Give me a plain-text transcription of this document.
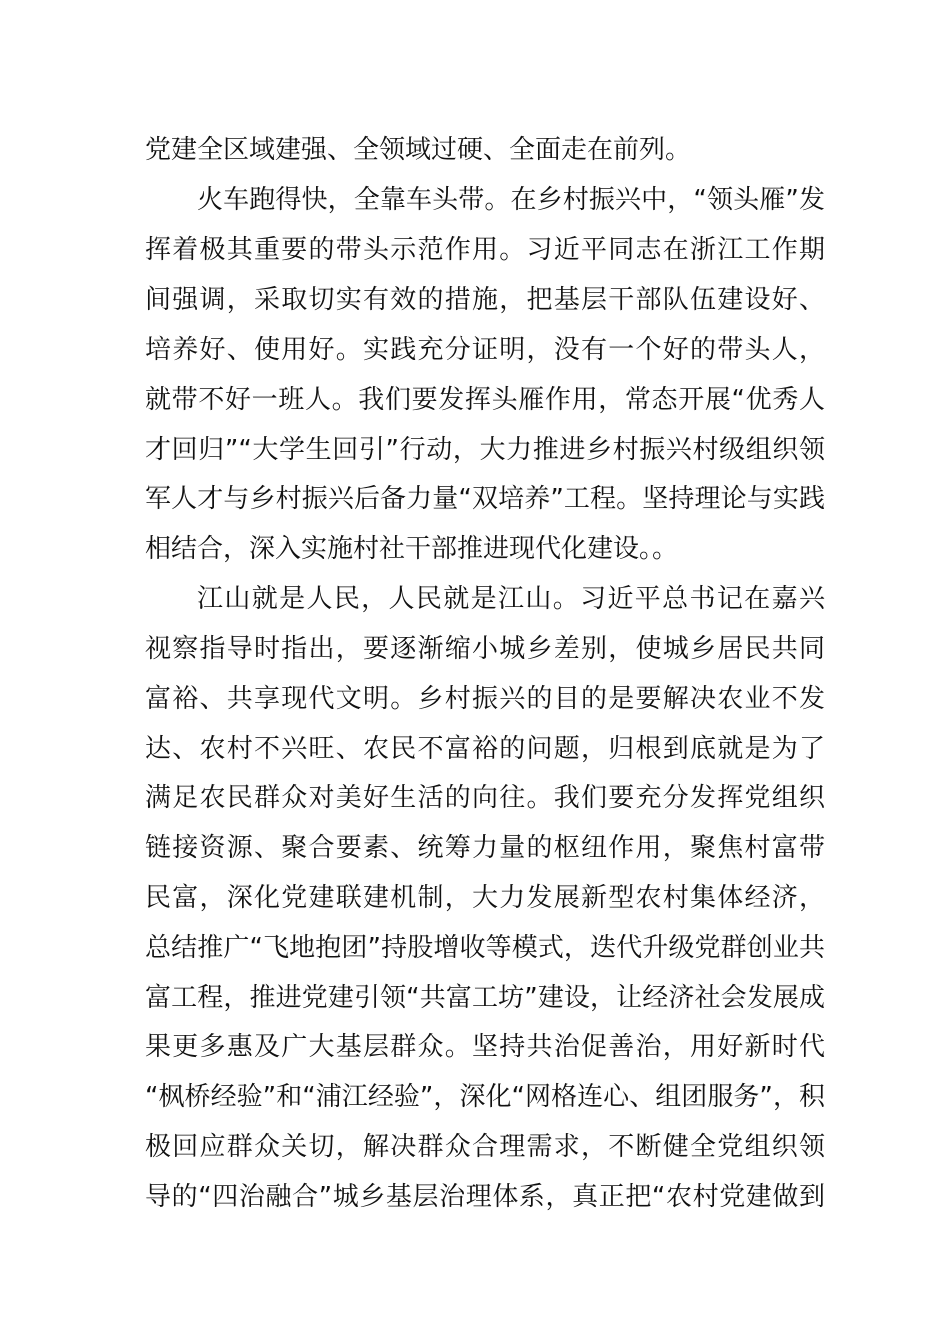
党建全区域建强、全领域过硬、全面走在前列。
火车跑得快，全靠车头带。在乡村振兴中，“领头雁”发
挥着极其重要的带头示范作用。习近平同志在浙江工作期
间强调，采取切实有效的措施，把基层干部队伍建设好、
培养好、使用好。实践充分证明，没有一个好的带头人，
就带不好一班人。我们要发挥头雁作用，常态开展“优秀人
才回归”“大学生回引”行动，大力推进乡村振兴村级组织领
军人才与乡村振兴后备力量“双培养”工程。坚持理论与实践
相结合，深入实施村社干部推进现代化建设。。
江山就是人民，人民就是江山。习近平总书记在嘉兴
视察指导时指出，要逐渐缩小城乡差别，使城乡居民共同
富裕、共享现代文明。乡村振兴的目的是要解决农业不发
达、农村不兴旺、农民不富裕的问题，归根到底就是为了
满足农民群众对美好生活的向往。我们要充分发挥党组织
链接资源、聚合要素、统筹力量的枢纽作用，聚焦村富带
民富，深化党建联建机制，大力发展新型农村集体经济，
总结推广“飞地抱团”持股增收等模式，迭代升级党群创业共
富工程，推进党建引领“共富工坊”建设，让经济社会发展成
果更多惠及广大基层群众。坚持共治促善治，用好新时代
“枫桥经验”和“浦江经验”，深化“网格连心、组团服务”，积
极回应群众关切，解决群众合理需求，不断健全党组织领
导的“四治融合”城乡基层治理体系，真正把“农村党建做到
